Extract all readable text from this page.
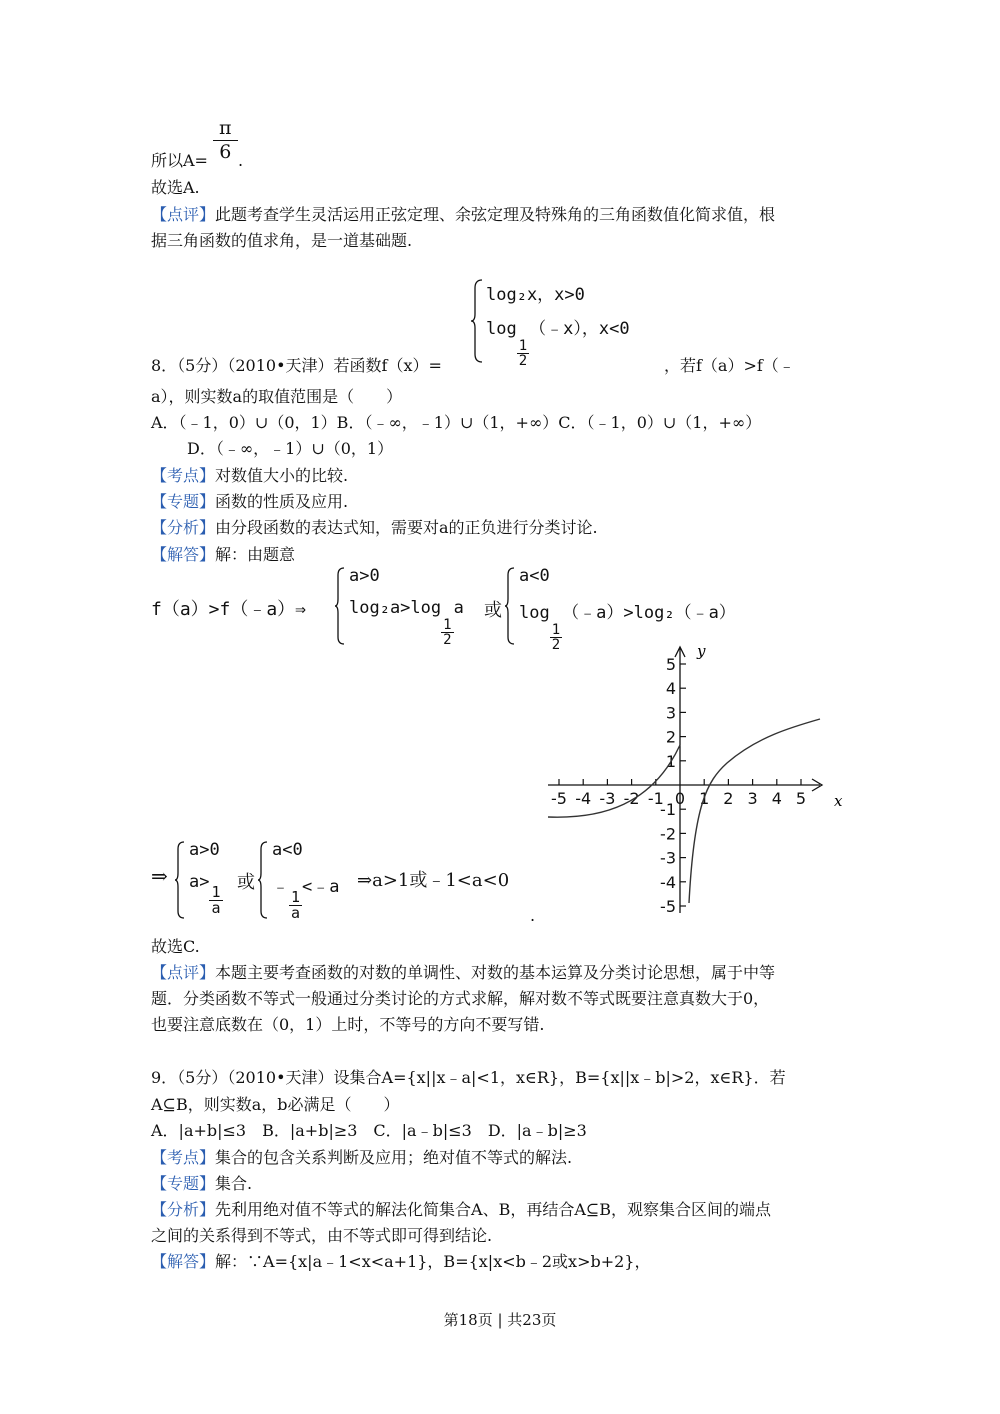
$\frac{\pi}{6}$
所以A= .
故选A.
【点评】此题考查学生灵活运用正弦定理、余弦定理及特殊角的三角函数值化简求值，根
据三角函数的值求角，是一道基础题.
log₂x，x>0
log
$\frac{1}{2}$
（﹣x），x<0
8．（5分）（2010•天津）若函数f（x）=	，若f（a）>f（﹣
a），则实数a的取值范围是（　　）
A．（﹣1，0）∪（0，1）B．（﹣∞，﹣1）∪（1，+∞）C．（﹣1，0）∪（1，+∞）
D．（﹣∞，﹣1）∪（0，1）
【考点】对数值大小的比较.
【专题】函数的性质及应用.
【分析】由分段函数的表达式知，需要对a的正负进行分类讨论.
【解答】解：由题意
f（a）>f（﹣a）⇒
a>0
log₂a>log
$\frac{1}{2}$
a 或
a<0
log
$\frac{1}{2}$
（﹣a）>log₂（﹣a）
-5 -4 -3 -2 -1 0 1 2 3 4 5
5
4
3
2
1
-1
-2
-3
-4
-5
y
x
⇒
a>0
a>
$\frac{1}{a}$
或
a<0
﹣
$\frac{1}{a}$
<﹣a ⇒a>1或﹣1<a<0
.
故选C.
【点评】本题主要考查函数的对数的单调性、对数的基本运算及分类讨论思想，属于中等
题．分类函数不等式一般通过分类讨论的方式求解，解对数不等式既要注意真数大于0，
也要注意底数在（0，1）上时，不等号的方向不要写错.
9．（5分）（2010•天津）设集合A={x||x﹣a|<1，x∈R}，B={x||x﹣b|>2，x∈R}．若
A⊆B，则实数a，b必满足（　　）
A．|a+b|≤3　B．|a+b|≥3　C．|a﹣b|≤3　D．|a﹣b|≥3
【考点】集合的包含关系判断及应用；绝对值不等式的解法.
【专题】集合.
【分析】先利用绝对值不等式的解法化简集合A、B，再结合A⊆B，观察集合区间的端点
之间的关系得到不等式，由不等式即可得到结论.
【解答】解：∵A={x|a﹣1<x<a+1}，B={x|x<b﹣2或x>b+2}，
第18页 | 共23页
